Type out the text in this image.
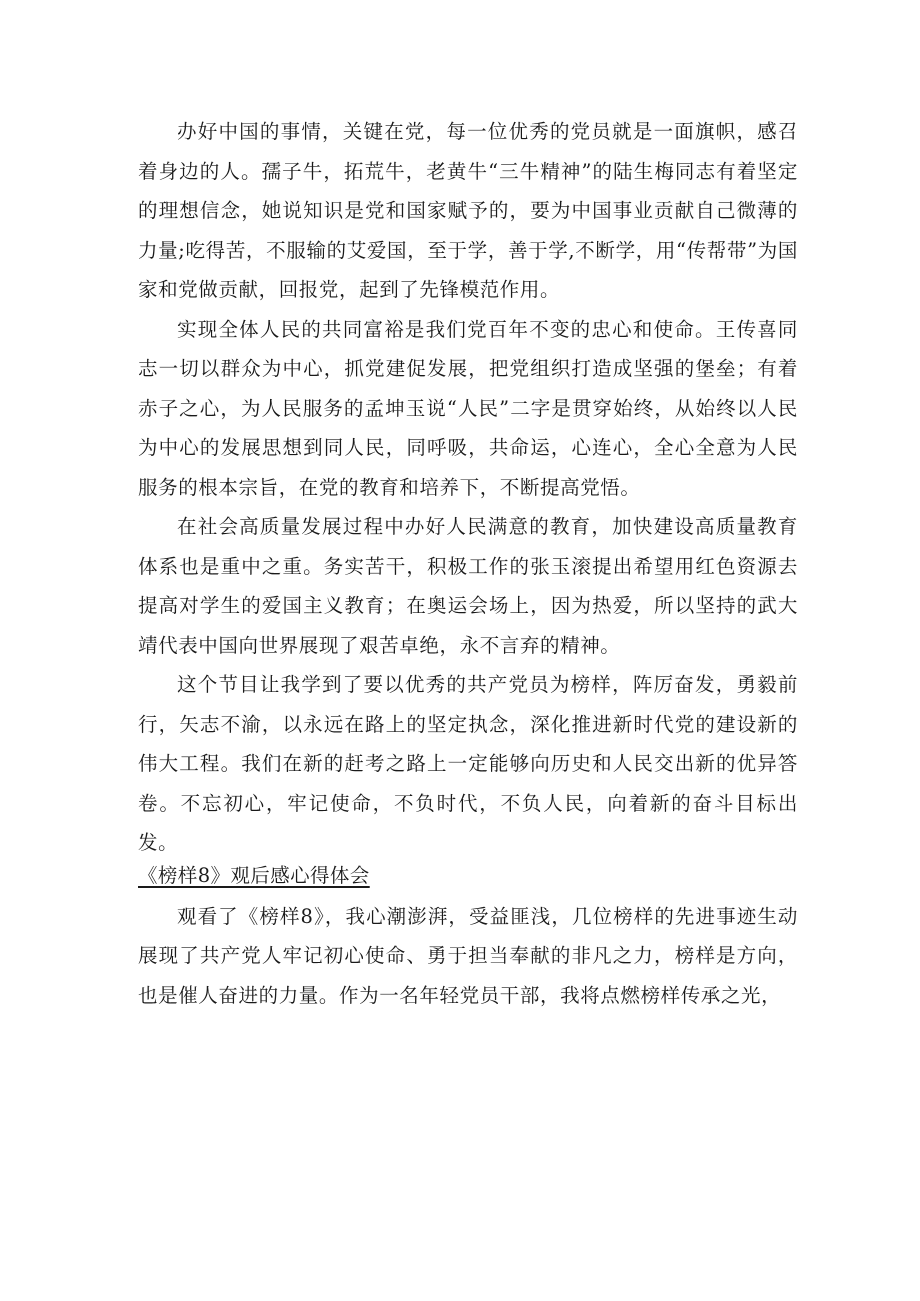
办好中国的事情，关键在党，每一位优秀的党员就是一面旗帜，感召着身边的人。孺子牛，拓荒牛，老黄牛“三牛精神”的陆生梅同志有着坚定的理想信念，她说知识是党和国家赋予的，要为中国事业贡献自己微薄的力量;吃得苦，不服输的艾爱国，至于学，善于学,不断学，用“传帮带”为国家和党做贡献，回报党，起到了先锋模范作用。

实现全体人民的共同富裕是我们党百年不变的忠心和使命。王传喜同志一切以群众为中心，抓党建促发展，把党组织打造成坚强的堡垒；有着赤子之心，为人民服务的孟坤玉说“人民”二字是贯穿始终，从始终以人民为中心的发展思想到同人民，同呼吸，共命运，心连心，全心全意为人民服务的根本宗旨，在党的教育和培养下，不断提高党悟。

在社会高质量发展过程中办好人民满意的教育，加快建设高质量教育体系也是重中之重。务实苦干，积极工作的张玉滚提出希望用红色资源去提高对学生的爱国主义教育；在奥运会场上，因为热爱，所以坚持的武大靖代表中国向世界展现了艰苦卓绝，永不言弃的精神。

这个节目让我学到了要以优秀的共产党员为榜样，阵厉奋发，勇毅前行，矢志不渝，以永远在路上的坚定执念，深化推进新时代党的建设新的伟大工程。我们在新的赶考之路上一定能够向历史和人民交出新的优异答卷。不忘初心，牢记使命，不负时代，不负人民，向着新的奋斗目标出发。

《榜样8》观后感心得体会

观看了《榜样8》，我心潮澎湃，受益匪浅，几位榜样的先进事迹生动展现了共产党人牢记初心使命、勇于担当奉献的非凡之力，榜样是方向，也是催人奋进的力量。作为一名年轻党员干部，我将点燃榜样传承之光，
